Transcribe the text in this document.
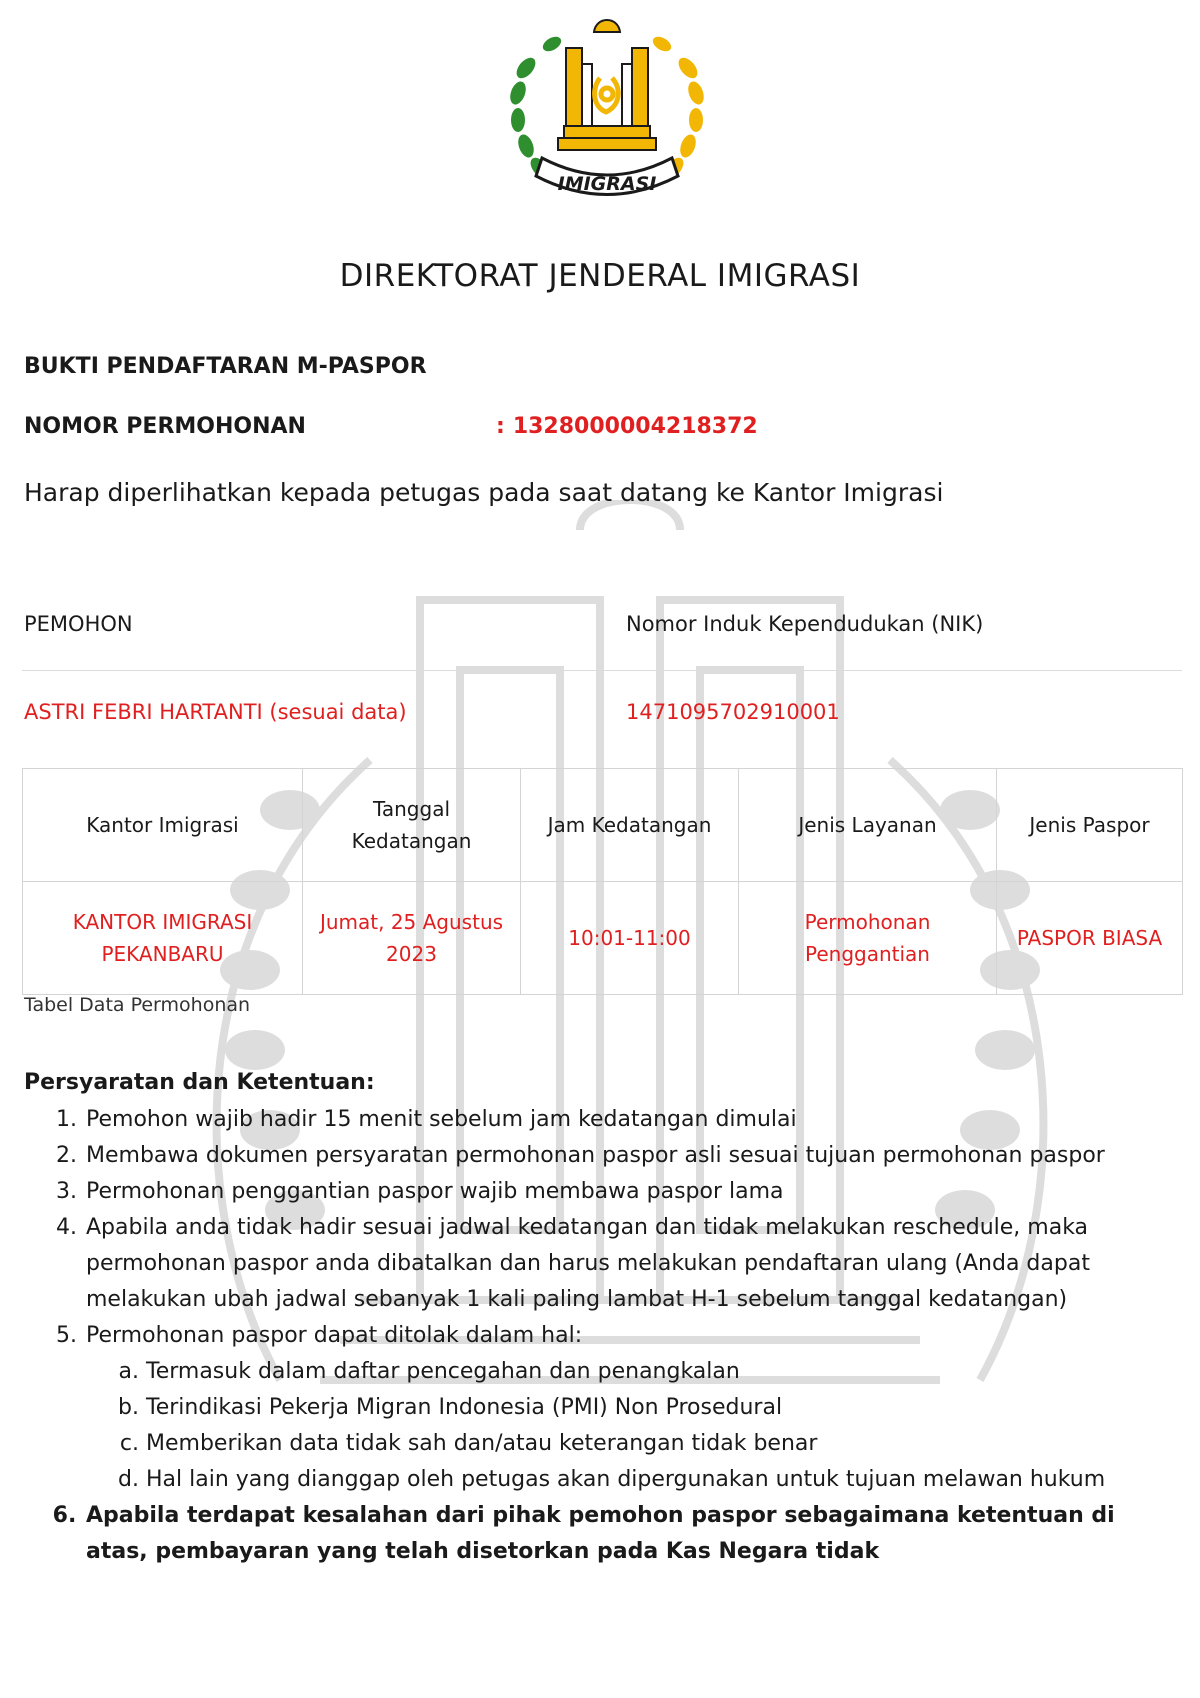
IMIGRASI
DIREKTORAT JENDERAL IMIGRASI
BUKTI PENDAFTARAN M-PASPOR
NOMOR PERMOHONAN	: 1328000004218372
Harap diperlihatkan kepada petugas pada saat datang ke Kantor Imigrasi
PEMOHON	Nomor Induk Kependudukan (NIK)
ASTRI FEBRI HARTANTI (sesuai data)	1471095702910001
Kantor Imigrasi	Tanggal Kedatangan	Jam Kedatangan	Jenis Layanan	Jenis Paspor
KANTOR IMIGRASI PEKANBARU	Jumat, 25 Agustus 2023	10:01-11:00	Permohonan Penggantian	PASPOR BIASA
Tabel Data Permohonan
Persyaratan dan Ketentuan:
1. Pemohon wajib hadir 15 menit sebelum jam kedatangan dimulai
2. Membawa dokumen persyaratan permohonan paspor asli sesuai tujuan permohonan paspor
3. Permohonan penggantian paspor wajib membawa paspor lama
4. Apabila anda tidak hadir sesuai jadwal kedatangan dan tidak melakukan reschedule, maka permohonan paspor anda dibatalkan dan harus melakukan pendaftaran ulang (Anda dapat melakukan ubah jadwal sebanyak 1 kali paling lambat H-1 sebelum tanggal kedatangan)
5. Permohonan paspor dapat ditolak dalam hal:
a. Termasuk dalam daftar pencegahan dan penangkalan
b. Terindikasi Pekerja Migran Indonesia (PMI) Non Prosedural
c. Memberikan data tidak sah dan/atau keterangan tidak benar
d. Hal lain yang dianggap oleh petugas akan dipergunakan untuk tujuan melawan hukum
6. Apabila terdapat kesalahan dari pihak pemohon paspor sebagaimana ketentuan di atas, pembayaran yang telah disetorkan pada Kas Negara tidak
